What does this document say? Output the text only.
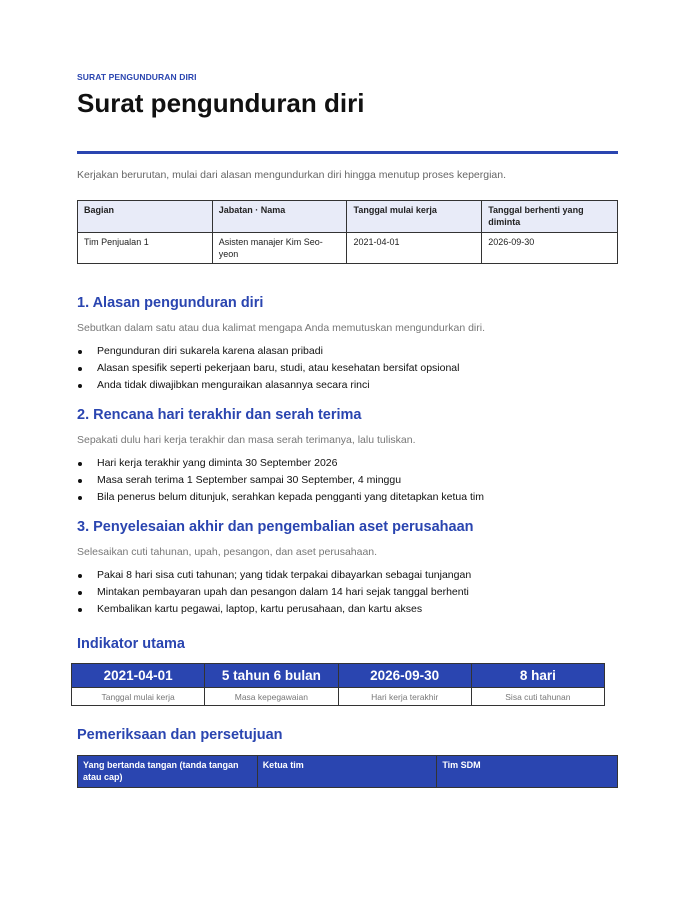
SURAT PENGUNDURAN DIRI
Surat pengunduran diri

Kerjakan berurutan, mulai dari alasan mengundurkan diri hingga menutup proses kepergian.

Bagian	Jabatan · Nama	Tanggal mulai kerja	Tanggal berhenti yang diminta
Tim Penjualan 1	Asisten manajer Kim Seo-yeon	2021-04-01	2026-09-30
1. Alasan pengunduran diri

Sebutkan dalam satu atau dua kalimat mengapa Anda memutuskan mengundurkan diri.

Pengunduran diri sukarela karena alasan pribadi
Alasan spesifik seperti pekerjaan baru, studi, atau kesehatan bersifat opsional
Anda tidak diwajibkan menguraikan alasannya secara rinci
2. Rencana hari terakhir dan serah terima

Sepakati dulu hari kerja terakhir dan masa serah terimanya, lalu tuliskan.

Hari kerja terakhir yang diminta 30 September 2026
Masa serah terima 1 September sampai 30 September, 4 minggu
Bila penerus belum ditunjuk, serahkan kepada pengganti yang ditetapkan ketua tim
3. Penyelesaian akhir dan pengembalian aset perusahaan

Selesaikan cuti tahunan, upah, pesangon, dan aset perusahaan.

Pakai 8 hari sisa cuti tahunan; yang tidak terpakai dibayarkan sebagai tunjangan
Mintakan pembayaran upah dan pesangon dalam 14 hari sejak tanggal berhenti
Kembalikan kartu pegawai, laptop, kartu perusahaan, dan kartu akses
Indikator utama
2021-04-01	5 tahun 6 bulan	2026-09-30	8 hari
Tanggal mulai kerja	Masa kepegawaian	Hari kerja terakhir	Sisa cuti tahunan
Pemeriksaan dan persetujuan
Yang bertanda tangan (tanda tangan atau cap)	Ketua tim	Tim SDM
